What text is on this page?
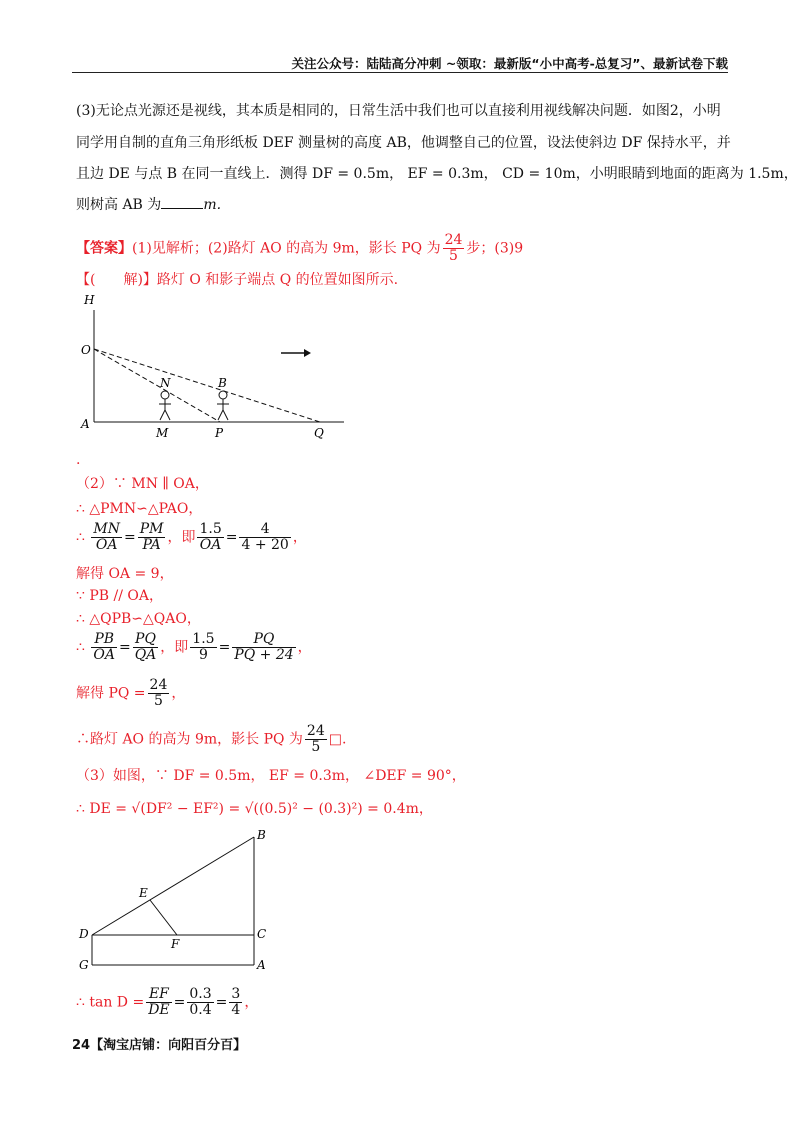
关注公众号：陆陆高分冲刺 ~领取：最新版“小中高考-总复习”、最新试卷下载
(3)无论点光源还是视线，其本质是相同的，日常生活中我们也可以直接利用视线解决问题．如图2，小明
同学用自制的直角三角形纸板 DEF 测量树的高度 AB，他调整自己的位置，设法使斜边 DF 保持水平，并
且边 DE 与点 B 在同一直线上．测得 DF = 0.5m， EF = 0.3m， CD = 10m，小明眼睛到地面的距离为 1.5m，
则树高 AB 为	m.
【答案】(1)见解析；(2)路灯 AO 的高为 9m，影长 PQ 为 $\frac{24}{5}$ 步；(3)9
【(　　解)】路灯 O 和影子端点 Q 的位置如图所示.
H
O
A
N	B
M	P	Q
.
（2）∵ MN ∥ OA，
∴ △PMN∽△PAO，
∴ $\frac{MN}{OA} = \frac{PM}{PA}$ ，即 $\frac{1.5}{OA} = \frac{4}{4 + 20}$ ，
解得 OA = 9，
∵ PB // OA，
∴ △QPB∽△QAO，
∴ $\frac{PB}{OA} = \frac{PQ}{QA}$ ，即 $\frac{1.5}{9} = \frac{PQ}{PQ + 24}$ ，
解得 PQ = $\frac{24}{5}$ ，
∴路灯 AO 的高为 9m，影长 PQ 为 $\frac{24}{5}$ □.
（3）如图，∵ DF = 0.5m， EF = 0.3m， ∠DEF = 90°，
∴ DE = √(DF² − EF²) = √((0.5)² − (0.3)²) = 0.4m，
B
E
D
F
C
G	A
∴ $\tan D = \frac{EF}{DE} = \frac{0.3}{0.4} = \frac{3}{4}$ ，
24【淘宝店铺：向阳百分百】
